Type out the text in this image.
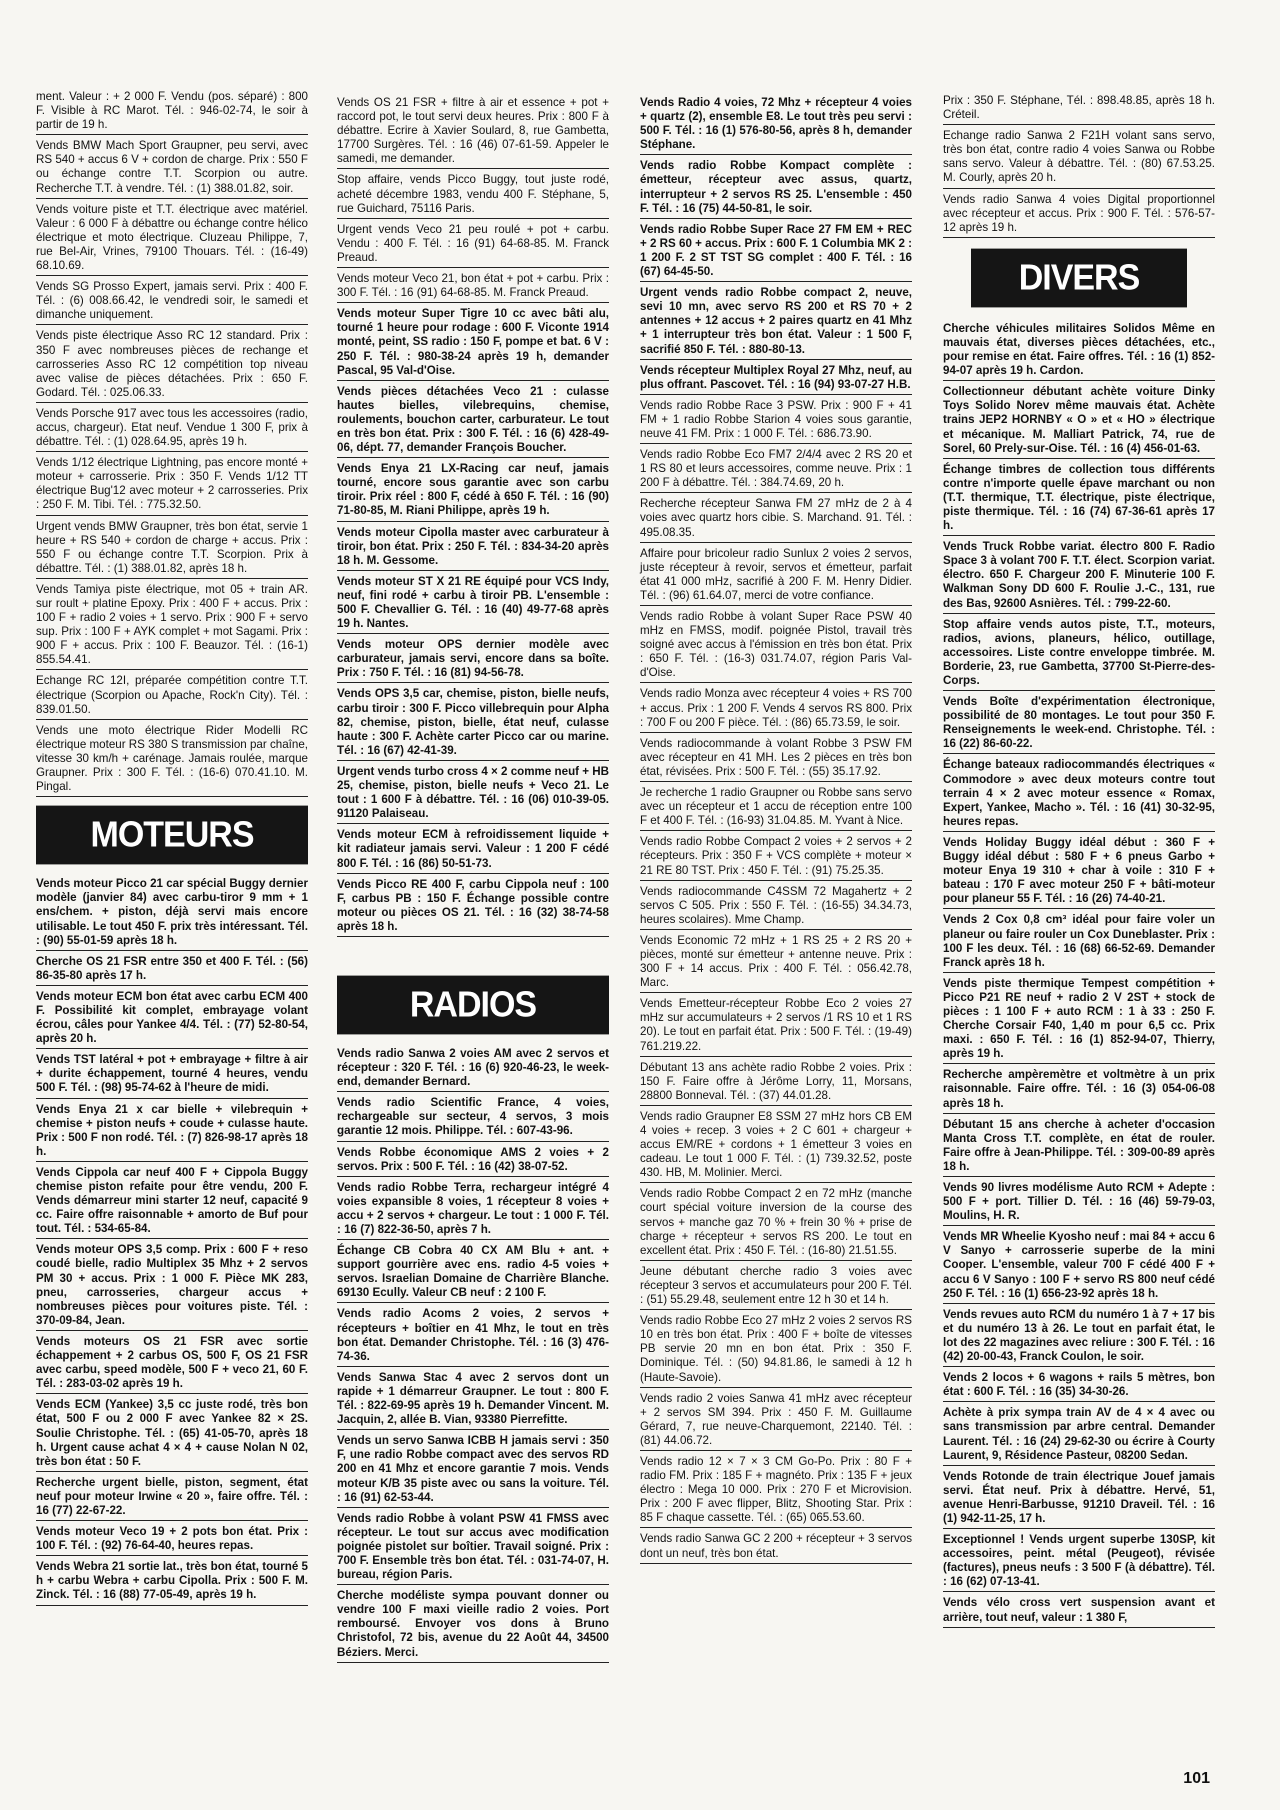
ment. Valeur : + 2 000 F. Vendu (pos. séparé) : 800 F. Visible à RC Marot. Tél. : 946-02-74, le soir à partir de 19 h.
Vends BMW Mach Sport Graupner, peu servi, avec RS 540 + accus 6 V + cordon de charge. Prix : 550 F ou échange contre T.T. Scorpion ou autre. Recherche T.T. à vendre. Tél. : (1) 388.01.82, soir.
Vends voiture piste et T.T. électrique avec matériel. Valeur : 6 000 F à débattre ou échange contre hélico électrique et moto électrique. Cluzeau Philippe, 7, rue Bel-Air, Vrines, 79100 Thouars. Tél. : (16-49) 68.10.69.
Vends SG Prosso Expert, jamais servi. Prix : 400 F. Tél. : (6) 008.66.42, le vendredi soir, le samedi et dimanche uniquement.
Vends piste électrique Asso RC 12 standard. Prix : 350 F avec nombreuses pièces de rechange et carrosseries Asso RC 12 compétition top niveau avec valise de pièces détachées. Prix : 650 F. Godard. Tél. : 025.06.33.
Vends Porsche 917 avec tous les accessoires (radio, accus, chargeur). Etat neuf. Vendue 1 300 F, prix à débattre. Tél. : (1) 028.64.95, après 19 h.
Vends 1/12 électrique Lightning, pas encore monté + moteur + carrosserie. Prix : 350 F. Vends 1/12 TT électrique Bug'12 avec moteur + 2 carrosseries. Prix : 250 F. M. Tibi. Tél. : 775.32.50.
Urgent vends BMW Graupner, très bon état, servie 1 heure + RS 540 + cordon de charge + accus. Prix : 550 F ou échange contre T.T. Scorpion. Prix à débattre. Tél. : (1) 388.01.82, après 18 h.
Vends Tamiya piste électrique, mot 05 + train AR. sur roult + platine Epoxy. Prix : 400 F + accus. Prix : 100 F + radio 2 voies + 1 servo. Prix : 900 F + servo sup. Prix : 100 F + AYK complet + mot Sagami. Prix : 900 F + accus. Prix : 100 F. Beauzor. Tél. : (16-1) 855.54.41.
Echange RC 12I, préparée compétition contre T.T. électrique (Scorpion ou Apache, Rock'n City). Tél. : 839.01.50.
Vends une moto électrique Rider Modelli RC électrique moteur RS 380 S transmission par chaîne, vitesse 30 km/h + carénage. Jamais roulée, marque Graupner. Prix : 300 F. Tél. : (16-6) 070.41.10. M. Pingal.
MOTEURS
Vends moteur Picco 21 car spécial Buggy dernier modèle (janvier 84) avec carbu-tiror 9 mm + 1 ens/chem. + piston, déjà servi mais encore utilisable. Le tout 450 F. prix très intéressant. Tél. : (90) 55-01-59 après 18 h.
Cherche OS 21 FSR entre 350 et 400 F. Tél. : (56) 86-35-80 après 17 h.
Vends moteur ECM bon état avec carbu ECM 400 F. Possibilité kit complet, embrayage volant écrou, câles pour Yankee 4/4. Tél. : (77) 52-80-54, après 20 h.
Vends TST latéral + pot + embrayage + filtre à air + durite échappement, tourné 4 heures, vendu 500 F. Tél. : (98) 95-74-62 à l'heure de midi.
Vends Enya 21 x car bielle + vilebrequin + chemise + piston neufs + coude + culasse haute. Prix : 500 F non rodé. Tél. : (7) 826-98-17 après 18 h.
Vends Cippola car neuf 400 F + Cippola Buggy chemise piston refaite pour être vendu, 200 F. Vends démarreur mini starter 12 neuf, capacité 9 cc. Faire offre raisonnable + amorto de Buf pour tout. Tél. : 534-65-84.
Vends moteur OPS 3,5 comp. Prix : 600 F + reso coudé bielle, radio Multiplex 35 Mhz + 2 servos PM 30 + accus. Prix : 1 000 F. Pièce MK 283, pneu, carrosseries, chargeur accus + nombreuses pièces pour voitures piste. Tél. : 370-09-84, Jean.
Vends moteurs OS 21 FSR avec sortie échappement + 2 carbus OS, 500 F, OS 21 FSR avec carbu, speed modèle, 500 F + veco 21, 60 F. Tél. : 283-03-02 après 19 h.
Vends ECM (Yankee) 3,5 cc juste rodé, très bon état, 500 F ou 2 000 F avec Yankee 82 × 2S. Soulie Christophe. Tél. : (65) 41-05-70, après 18 h. Urgent cause achat 4 × 4 + cause Nolan N 02, très bon état : 50 F.
Recherche urgent bielle, piston, segment, état neuf pour moteur Irwine « 20 », faire offre. Tél. : 16 (77) 22-67-22.
Vends moteur Veco 19 + 2 pots bon état. Prix : 100 F. Tél. : (92) 76-64-40, heures repas.
Vends Webra 21 sortie lat., très bon état, tourné 5 h + carbu Webra + carbu Cipolla. Prix : 500 F. M. Zinck. Tél. : 16 (88) 77-05-49, après 19 h.
Vends OS 21 FSR + filtre à air et essence + pot + raccord pot, le tout servi deux heures. Prix : 800 F à débattre. Ecrire à Xavier Soulard, 8, rue Gambetta, 17700 Surgères. Tél. : 16 (46) 07-61-59. Appeler le samedi, me demander.
Stop affaire, vends Picco Buggy, tout juste rodé, acheté décembre 1983, vendu 400 F. Stéphane, 5, rue Guichard, 75116 Paris.
Urgent vends Veco 21 peu roulé + pot + carbu. Vendu : 400 F. Tél. : 16 (91) 64-68-85. M. Franck Preaud.
Vends moteur Veco 21, bon état + pot + carbu. Prix : 300 F. Tél. : 16 (91) 64-68-85. M. Franck Preaud.
Vends moteur Super Tigre 10 cc avec bâti alu, tourné 1 heure pour rodage : 600 F. Viconte 1914 monté, peint, SS radio : 150 F, pompe et bat. 6 V : 250 F. Tél. : 980-38-24 après 19 h, demander Pascal, 95 Val-d'Oise.
Vends pièces détachées Veco 21 : culasse hautes bielles, vilebrequins, chemise, roulements, bouchon carter, carburateur. Le tout en très bon état. Prix : 300 F. Tél. : 16 (6) 428-49-06, dépt. 77, demander François Boucher.
Vends Enya 21 LX-Racing car neuf, jamais tourné, encore sous garantie avec son carbu tiroir. Prix réel : 800 F, cédé à 650 F. Tél. : 16 (90) 71-80-85, M. Riani Philippe, après 19 h.
Vends moteur Cipolla master avec carburateur à tiroir, bon état. Prix : 250 F. Tél. : 834-34-20 après 18 h. M. Gessome.
Vends moteur ST X 21 RE équipé pour VCS Indy, neuf, fini rodé + carbu à tiroir PB. L'ensemble : 500 F. Chevallier G. Tél. : 16 (40) 49-77-68 après 19 h. Nantes.
Vends moteur OPS dernier modèle avec carburateur, jamais servi, encore dans sa boîte. Prix : 750 F. Tél. : 16 (81) 94-56-78.
Vends OPS 3,5 car, chemise, piston, bielle neufs, carbu tiroir : 300 F. Picco villebrequin pour Alpha 82, chemise, piston, bielle, état neuf, culasse haute : 300 F. Achète carter Picco car ou marine. Tél. : 16 (67) 42-41-39.
Urgent vends turbo cross 4 × 2 comme neuf + HB 25, chemise, piston, bielle neufs + Veco 21. Le tout : 1 600 F à débattre. Tél. : 16 (06) 010-39-05. 91120 Palaiseau.
Vends moteur ECM à refroidissement liquide + kit radiateur jamais servi. Valeur : 1 200 F cédé 800 F. Tél. : 16 (86) 50-51-73.
Vends Picco RE 400 F, carbu Cippola neuf : 100 F, carbus PB : 150 F. Échange possible contre moteur ou pièces OS 21. Tél. : 16 (32) 38-74-58 après 18 h.
RADIOS
Vends radio Sanwa 2 voies AM avec 2 servos et récepteur : 320 F. Tél. : 16 (6) 920-46-23, le week-end, demander Bernard.
Vends radio Scientific France, 4 voies, rechargeable sur secteur, 4 servos, 3 mois garantie 12 mois. Philippe. Tél. : 607-43-96.
Vends Robbe économique AMS 2 voies + 2 servos. Prix : 500 F. Tél. : 16 (42) 38-07-52.
Vends radio Robbe Terra, rechargeur intégré 4 voies expansible 8 voies, 1 récepteur 8 voies + accu + 2 servos + chargeur. Le tout : 1 000 F. Tél. : 16 (7) 822-36-50, après 7 h.
Échange CB Cobra 40 CX AM Blu + ant. + support gourrière avec ens. radio 4-5 voies + servos. Israelian Domaine de Charrière Blanche. 69130 Ecully. Valeur CB neuf : 2 100 F.
Vends radio Acoms 2 voies, 2 servos + récepteurs + boîtier en 41 Mhz, le tout en très bon état. Demander Christophe. Tél. : 16 (3) 476-74-36.
Vends Sanwa Stac 4 avec 2 servos dont un rapide + 1 démarreur Graupner. Le tout : 800 F. Tél. : 822-69-95 après 19 h. Demander Vincent. M. Jacquin, 2, allée B. Vian, 93380 Pierrefitte.
Vends un servo Sanwa ICBB H jamais servi : 350 F, une radio Robbe compact avec des servos RD 200 en 41 Mhz et encore garantie 7 mois. Vends moteur K/B 35 piste avec ou sans la voiture. Tél. : 16 (91) 62-53-44.
Vends radio Robbe à volant PSW 41 FMSS avec récepteur. Le tout sur accus avec modification poignée pistolet sur boîtier. Travail soigné. Prix : 700 F. Ensemble très bon état. Tél. : 031-74-07, H. bureau, région Paris.
Cherche modéliste sympa pouvant donner ou vendre 100 F maxi vieille radio 2 voies. Port remboursé. Envoyer vos dons à Bruno Christofol, 72 bis, avenue du 22 Août 44, 34500 Béziers. Merci.
Vends Radio 4 voies, 72 Mhz + récepteur 4 voies + quartz (2), ensemble E8. Le tout très peu servi : 500 F. Tél. : 16 (1) 576-80-56, après 8 h, demander Stéphane.
Vends radio Robbe Kompact complète : émetteur, récepteur avec assus, quartz, interrupteur + 2 servos RS 25. L'ensemble : 450 F. Tél. : 16 (75) 44-50-81, le soir.
Vends radio Robbe Super Race 27 FM EM + REC + 2 RS 60 + accus. Prix : 600 F. 1 Columbia MK 2 : 1 200 F. 2 ST TST SG complet : 400 F. Tél. : 16 (67) 64-45-50.
Urgent vends radio Robbe compact 2, neuve, sevi 10 mn, avec servo RS 200 et RS 70 + 2 antennes + 12 accus + 2 paires quartz en 41 Mhz + 1 interrupteur très bon état. Valeur : 1 500 F, sacrifié 850 F. Tél. : 880-80-13.
Vends récepteur Multiplex Royal 27 Mhz, neuf, au plus offrant. Pascovet. Tél. : 16 (94) 93-07-27 H.B.
Vends radio Robbe Race 3 PSW. Prix : 900 F + 41 FM + 1 radio Robbe Starion 4 voies sous garantie, neuve 41 FM. Prix : 1 000 F. Tél. : 686.73.90.
Vends radio Robbe Eco FM7 2/4/4 avec 2 RS 20 et 1 RS 80 et leurs accessoires, comme neuve. Prix : 1 200 F à débattre. Tél. : 384.74.69, 20 h.
Recherche récepteur Sanwa FM 27 mHz de 2 à 4 voies avec quartz hors cibie. S. Marchand. 91. Tél. : 495.08.35.
Affaire pour bricoleur radio Sunlux 2 voies 2 servos, juste récepteur à revoir, servos et émetteur, parfait état 41 000 mHz, sacrifié à 200 F. M. Henry Didier. Tél. : (96) 61.64.07, merci de votre confiance.
Vends radio Robbe à volant Super Race PSW 40 mHz en FMSS, modif. poignée Pistol, travail très soigné avec accus à l'émission en très bon état. Prix : 650 F. Tél. : (16-3) 031.74.07, région Paris Val-d'Oise.
Vends radio Monza avec récepteur 4 voies + RS 700 + accus. Prix : 1 200 F. Vends 4 servos RS 800. Prix : 700 F ou 200 F pièce. Tél. : (86) 65.73.59, le soir.
Vends radiocommande à volant Robbe 3 PSW FM avec récepteur en 41 MH. Les 2 pièces en très bon état, révisées. Prix : 500 F. Tél. : (55) 35.17.92.
Je recherche 1 radio Graupner ou Robbe sans servo avec un récepteur et 1 accu de réception entre 100 F et 400 F. Tél. : (16-93) 31.04.85. M. Yvant à Nice.
Vends radio Robbe Compact 2 voies + 2 servos + 2 récepteurs. Prix : 350 F + VCS complète + moteur × 21 RE 80 TST. Prix : 450 F. Tél. : (91) 75.25.35.
Vends radiocommande C4SSM 72 Magahertz + 2 servos C 505. Prix : 550 F. Tél. : (16-55) 34.34.73, heures scolaires). Mme Champ.
Vends Economic 72 mHz + 1 RS 25 + 2 RS 20 + pièces, monté sur émetteur + antenne neuve. Prix : 300 F + 14 accus. Prix : 400 F. Tél. : 056.42.78, Marc.
Vends Emetteur-récepteur Robbe Eco 2 voies 27 mHz sur accumulateurs + 2 servos /1 RS 10 et 1 RS 20). Le tout en parfait état. Prix : 500 F. Tél. : (19-49) 761.219.22.
Débutant 13 ans achète radio Robbe 2 voies. Prix : 150 F. Faire offre à Jérôme Lorry, 11, Morsans, 28800 Bonneval. Tél. : (37) 44.01.28.
Vends radio Graupner E8 SSM 27 mHz hors CB EM 4 voies + recep. 3 voies + 2 C 601 + chargeur + accus EM/RE + cordons + 1 émetteur 3 voies en cadeau. Le tout 1 000 F. Tél. : (1) 739.32.52, poste 430. HB, M. Molinier. Merci.
Vends radio Robbe Compact 2 en 72 mHz (manche court spécial voiture inversion de la course des servos + manche gaz 70 % + frein 30 % + prise de charge + récepteur + servos RS 200. Le tout en excellent état. Prix : 450 F. Tél. : (16-80) 21.51.55.
Jeune débutant cherche radio 3 voies avec récepteur 3 servos et accumulateurs pour 200 F. Tél. : (51) 55.29.48, seulement entre 12 h 30 et 14 h.
Vends radio Robbe Eco 27 mHz 2 voies 2 servos RS 10 en très bon état. Prix : 400 F + boîte de vitesses PB servie 20 mn en bon état. Prix : 350 F. Dominique. Tél. : (50) 94.81.86, le samedi à 12 h (Haute-Savoie).
Vends radio 2 voies Sanwa 41 mHz avec récepteur + 2 servos SM 394. Prix : 450 F. M. Guillaume Gérard, 7, rue neuve-Charquemont, 22140. Tél. : (81) 44.06.72.
Vends radio 12 × 7 × 3 CM Go-Po. Prix : 80 F + radio FM. Prix : 185 F + magnéto. Prix : 135 F + jeux électro : Mega 10 000. Prix : 270 F et Microvision. Prix : 200 F avec flipper, Blitz, Shooting Star. Prix : 85 F chaque cassette. Tél. : (65) 065.53.60.
Vends radio Sanwa GC 2 200 + récepteur + 3 servos dont un neuf, très bon état.
Prix : 350 F. Stéphane, Tél. : 898.48.85, après 18 h. Créteil.
Echange radio Sanwa 2 F21H volant sans servo, très bon état, contre radio 4 voies Sanwa ou Robbe sans servo. Valeur à débattre. Tél. : (80) 67.53.25. M. Courly, après 20 h.
Vends radio Sanwa 4 voies Digital proportionnel avec récepteur et accus. Prix : 900 F. Tél. : 576-57-12 après 19 h.
DIVERS
Cherche véhicules militaires Solidos Même en mauvais état, diverses pièces détachées, etc., pour remise en état. Faire offres. Tél. : 16 (1) 852-94-07 après 19 h. Cardon.
Collectionneur débutant achète voiture Dinky Toys Solido Norev même mauvais état. Achète trains JEP2 HORNBY « O » et « HO » électrique et mécanique. M. Malliart Patrick, 74, rue de Sorel, 60 Prely-sur-Oise. Tél. : 16 (4) 456-01-63.
Échange timbres de collection tous différents contre n'importe quelle épave marchant ou non (T.T. thermique, T.T. électrique, piste électrique, piste thermique. Tél. : 16 (74) 67-36-61 après 17 h.
Vends Truck Robbe variat. électro 800 F. Radio Space 3 à volant 700 F. T.T. élect. Scorpion variat. électro. 650 F. Chargeur 200 F. Minuterie 100 F. Walkman Sony DD 600 F. Roulie J.-C., 131, rue des Bas, 92600 Asnières. Tél. : 799-22-60.
Stop affaire vends autos piste, T.T., moteurs, radios, avions, planeurs, hélico, outillage, accessoires. Liste contre enveloppe timbrée. M. Borderie, 23, rue Gambetta, 37700 St-Pierre-des-Corps.
Vends Boîte d'expérimentation électronique, possibilité de 80 montages. Le tout pour 350 F. Renseignements le week-end. Christophe. Tél. : 16 (22) 86-60-22.
Échange bateaux radiocommandés électriques « Commodore » avec deux moteurs contre tout terrain 4 × 2 avec moteur essence « Romax, Expert, Yankee, Macho ». Tél. : 16 (41) 30-32-95, heures repas.
Vends Holiday Buggy idéal début : 360 F + Buggy idéal début : 580 F + 6 pneus Garbo + moteur Enya 19 310 + char à voile : 310 F + bateau : 170 F avec moteur 250 F + bâti-moteur pour planeur 55 F. Tél. : 16 (26) 74-40-21.
Vends 2 Cox 0,8 cm³ idéal pour faire voler un planeur ou faire rouler un Cox Duneblaster. Prix : 100 F les deux. Tél. : 16 (68) 66-52-69. Demander Franck après 18 h.
Vends piste thermique Tempest compétition + Picco P21 RE neuf + radio 2 V 2ST + stock de pièces : 1 100 F + auto RCM : 1 à 33 : 250 F. Cherche Corsair F40, 1,40 m pour 6,5 cc. Prix maxi. : 650 F. Tél. : 16 (1) 852-94-07, Thierry, après 19 h.
Recherche ampèremètre et voltmètre à un prix raisonnable. Faire offre. Tél. : 16 (3) 054-06-08 après 18 h.
Débutant 15 ans cherche à acheter d'occasion Manta Cross T.T. complète, en état de rouler. Faire offre à Jean-Philippe. Tél. : 309-00-89 après 18 h.
Vends 90 livres modélisme Auto RCM + Adepte : 500 F + port. Tillier D. Tél. : 16 (46) 59-79-03, Moulins, H. R.
Vends MR Wheelie Kyosho neuf : mai 84 + accu 6 V Sanyo + carrosserie superbe de la mini Cooper. L'ensemble, valeur 700 F cédé 400 F + accu 6 V Sanyo : 100 F + servo RS 800 neuf cédé 250 F. Tél. : 16 (1) 656-23-92 après 18 h.
Vends revues auto RCM du numéro 1 à 7 + 17 bis et du numéro 13 à 26. Le tout en parfait état, le lot des 22 magazines avec reliure : 300 F. Tél. : 16 (42) 20-00-43, Franck Coulon, le soir.
Vends 2 locos + 6 wagons + rails 5 mètres, bon état : 600 F. Tél. : 16 (35) 34-30-26.
Achète à prix sympa train AV de 4 × 4 avec ou sans transmission par arbre central. Demander Laurent. Tél. : 16 (24) 29-62-30 ou écrire à Courty Laurent, 9, Résidence Pasteur, 08200 Sedan.
Vends Rotonde de train électrique Jouef jamais servi. État neuf. Prix à débattre. Hervé, 51, avenue Henri-Barbusse, 91210 Draveil. Tél. : 16 (1) 942-11-25, 17 h.
Exceptionnel ! Vends urgent superbe 130SP, kit accessoires, peint. métal (Peugeot), révisée (factures), pneus neufs : 3 500 F (à débattre). Tél. : 16 (62) 07-13-41.
Vends vélo cross vert suspension avant et arrière, tout neuf, valeur : 1 380 F,
101
